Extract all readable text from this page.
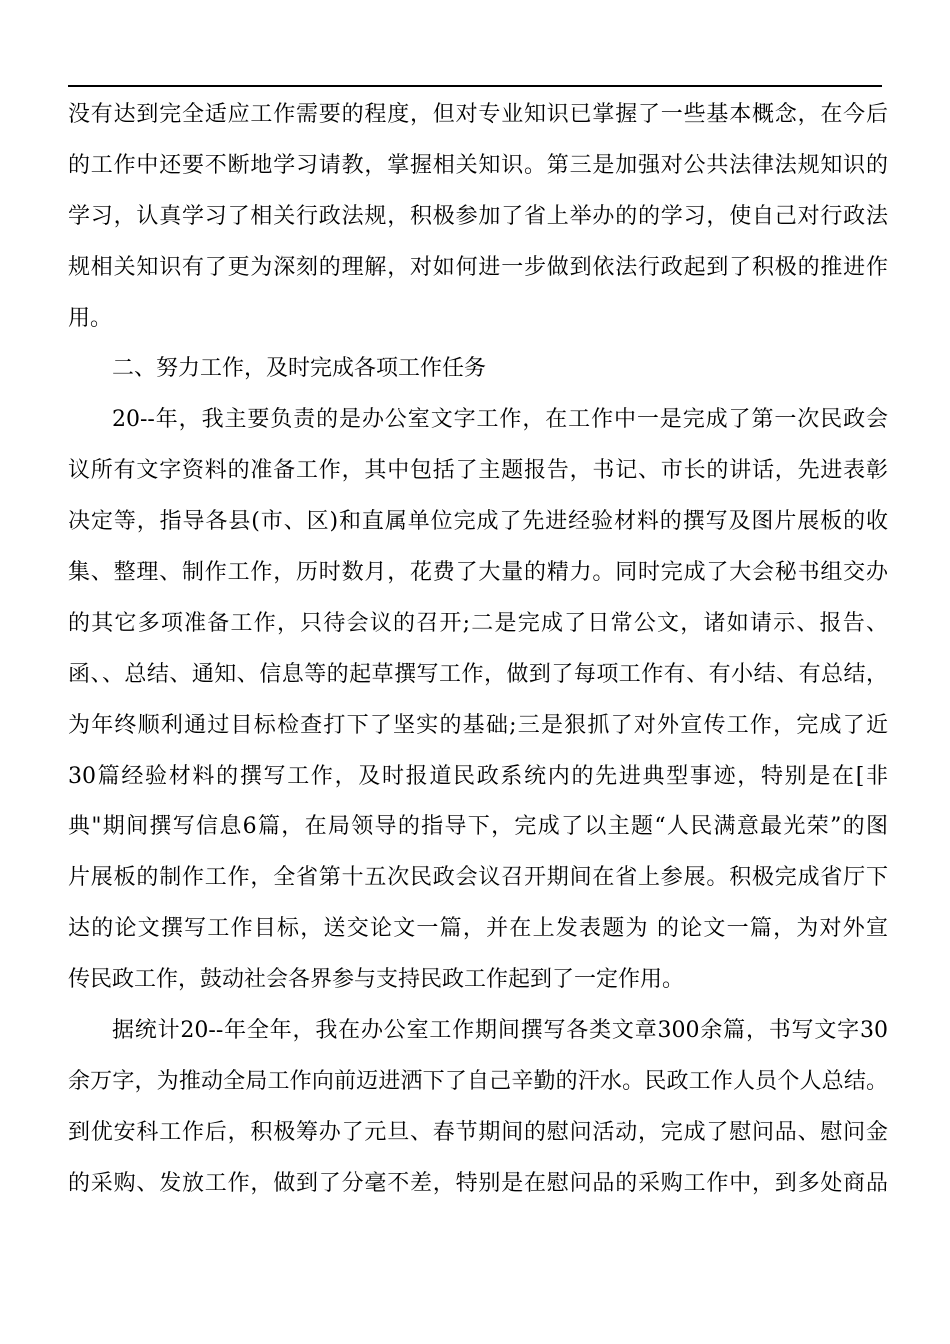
没有达到完全适应工作需要的程度，但对专业知识已掌握了一些基本概念，在今后
的工作中还要不断地学习请教，掌握相关知识。第三是加强对公共法律法规知识的
学习，认真学习了相关行政法规，积极参加了省上举办的的学习，使自己对行政法
规相关知识有了更为深刻的理解，对如何进一步做到依法行政起到了积极的推进作
用。
二、努力工作，及时完成各项工作任务
20--年，我主要负责的是办公室文字工作，在工作中一是完成了第一次民政会
议所有文字资料的准备工作，其中包括了主题报告，书记、市长的讲话，先进表彰
决定等，指导各县(市、区)和直属单位完成了先进经验材料的撰写及图片展板的收
集、整理、制作工作，历时数月，花费了大量的精力。同时完成了大会秘书组交办
的其它多项准备工作，只待会议的召开;二是完成了日常公文，诸如请示、报告、
函、、总结、通知、信息等的起草撰写工作，做到了每项工作有、有小结、有总结，
为年终顺利通过目标检查打下了坚实的基础;三是狠抓了对外宣传工作，完成了近
30篇经验材料的撰写工作，及时报道民政系统内的先进典型事迹，特别是在[非
典"期间撰写信息6篇，在局领导的指导下，完成了以主题“人民满意最光荣”的图
片展板的制作工作，全省第十五次民政会议召开期间在省上参展。积极完成省厅下
达的论文撰写工作目标，送交论文一篇，并在上发表题为 的论文一篇，为对外宣
传民政工作，鼓动社会各界参与支持民政工作起到了一定作用。
据统计20--年全年，我在办公室工作期间撰写各类文章300余篇，书写文字30
余万字，为推动全局工作向前迈进洒下了自己辛勤的汗水。民政工作人员个人总结。
到优安科工作后，积极筹办了元旦、春节期间的慰问活动，完成了慰问品、慰问金
的采购、发放工作，做到了分毫不差，特别是在慰问品的采购工作中，到多处商品
